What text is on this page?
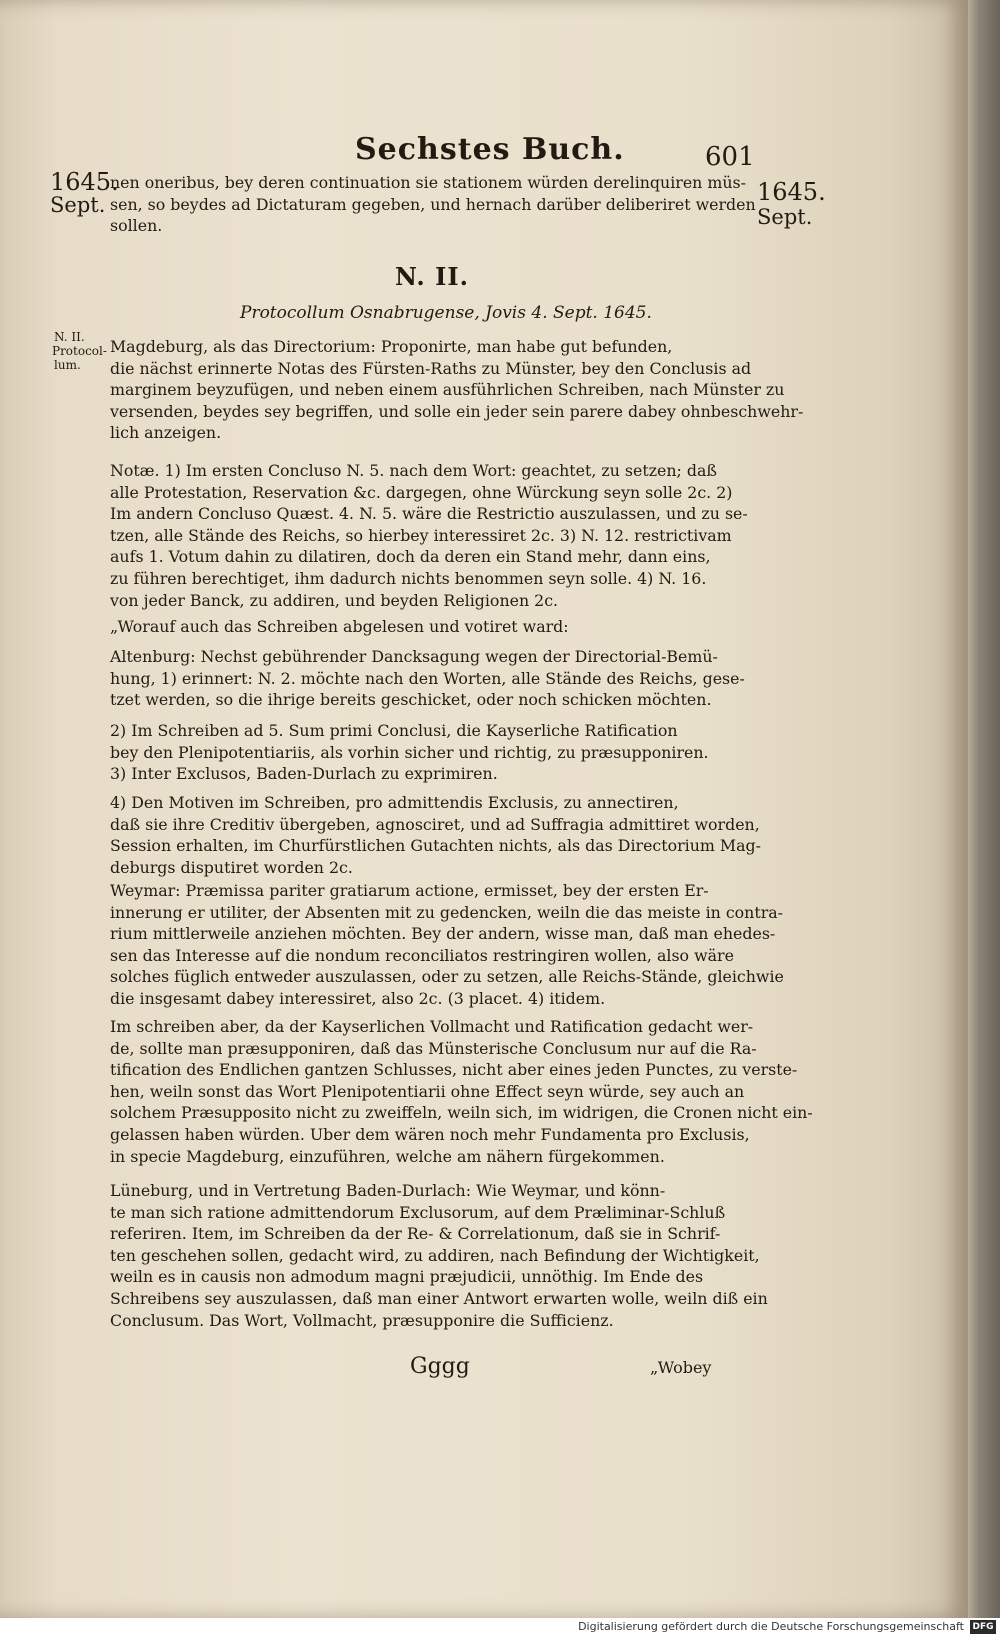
Sechstes Buch.	601
1645.
Sept.	1645.
Sept.
N. II.
Protocol-
lum.
nen oneribus, bey deren continuation sie stationem würden derelinquiren müs-
sen, so beydes ad Dictaturam gegeben, und hernach darüber deliberiret werden
sollen.
N. II.
Protocollum Osnabrugense, Jovis 4. Sept. 1645.
Magdeburg, als das Directorium: Proponirte, man habe gut befunden,
die nächst erinnerte Notas des Fürsten-Raths zu Münster, bey den Conclusis ad
marginem beyzufügen, und neben einem ausführlichen Schreiben, nach Münster zu
versenden, beydes sey begriffen, und solle ein jeder sein parere dabey ohnbeschwehr-
lich anzeigen.
Notæ. 1) Im ersten Concluso N. 5. nach dem Wort: geachtet, zu setzen; daß
alle Protestation, Reservation &c. dargegen, ohne Würckung seyn solle 2c. 2)
Im andern Concluso Quæst. 4. N. 5. wäre die Restrictio auszulassen, und zu se-
tzen, alle Stände des Reichs, so hierbey interessiret 2c. 3) N. 12. restrictivam
aufs 1. Votum dahin zu dilatiren, doch da deren ein Stand mehr, dann eins,
zu führen berechtiget, ihm dadurch nichts benommen seyn solle. 4) N. 16.
von jeder Banck, zu addiren, und beyden Religionen 2c.
„Worauf auch das Schreiben abgelesen und votiret ward:
Altenburg: Nechst gebührender Dancksagung wegen der Directorial-Bemü-
hung, 1) erinnert: N. 2. möchte nach den Worten, alle Stände des Reichs, gese-
tzet werden, so die ihrige bereits geschicket, oder noch schicken möchten.
2) Im Schreiben ad 5. Sum primi Conclusi, die Kayserliche Ratification
bey den Plenipotentiariis, als vorhin sicher und richtig, zu præsupponiren.
3) Inter Exclusos, Baden-Durlach zu exprimiren.
4) Den Motiven im Schreiben, pro admittendis Exclusis, zu annectiren,
daß sie ihre Creditiv übergeben, agnosciret, und ad Suffragia admittiret worden,
Session erhalten, im Churfürstlichen Gutachten nichts, als das Directorium Mag-
deburgs disputiret worden 2c.
Weymar: Præmissa pariter gratiarum actione, ermisset, bey der ersten Er-
innerung er utiliter, der Absenten mit zu gedencken, weiln die das meiste in contra-
rium mittlerweile anziehen möchten. Bey der andern, wisse man, daß man ehedes-
sen das Interesse auf die nondum reconciliatos restringiren wollen, also wäre
solches füglich entweder auszulassen, oder zu setzen, alle Reichs-Stände, gleichwie
die insgesamt dabey interessiret, also 2c. (3 placet. 4) itidem.
Im schreiben aber, da der Kayserlichen Vollmacht und Ratification gedacht wer-
de, sollte man præsupponiren, daß das Münsterische Conclusum nur auf die Ra-
tification des Endlichen gantzen Schlusses, nicht aber eines jeden Punctes, zu verste-
hen, weiln sonst das Wort Plenipotentiarii ohne Effect seyn würde, sey auch an
solchem Præsupposito nicht zu zweiffeln, weiln sich, im widrigen, die Cronen nicht ein-
gelassen haben würden. Uber dem wären noch mehr Fundamenta pro Exclusis,
in specie Magdeburg, einzuführen, welche am nähern fürgekommen.
Lüneburg, und in Vertretung Baden-Durlach: Wie Weymar, und könn-
te man sich ratione admittendorum Exclusorum, auf dem Præliminar-Schluß
referiren. Item, im Schreiben da der Re- & Correlationum, daß sie in Schrif-
ten geschehen sollen, gedacht wird, zu addiren, nach Befindung der Wichtigkeit,
weiln es in causis non admodum magni præjudicii, unnöthig. Im Ende des
Schreibens sey auszulassen, daß man einer Antwort erwarten wolle, weiln diß ein
Conclusum. Das Wort, Vollmacht, præsupponire die Sufficienz.
Gggg	„Wobey
Digitalisierung gefördert durch die Deutsche Forschungsgemeinschaft DFG
